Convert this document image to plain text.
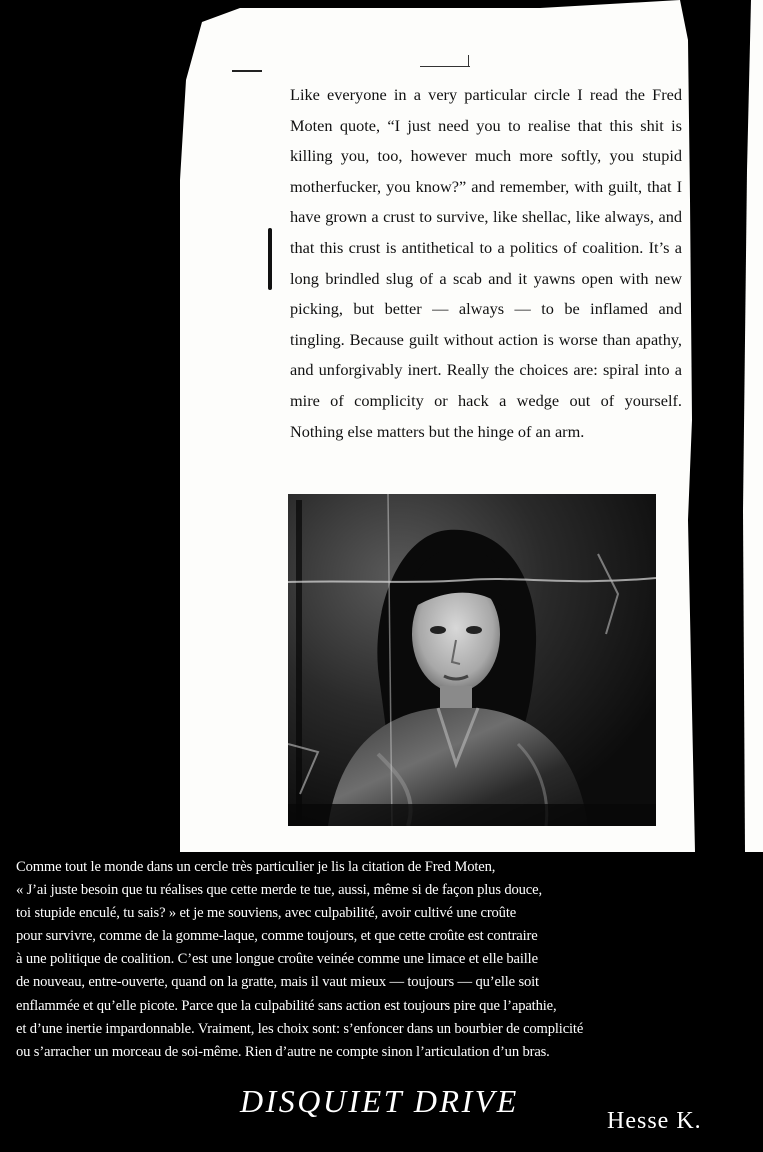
Like everyone in a very particular circle I read the Fred Moten quote, “I just need you to realise that this shit is killing you, too, however much more softly, you stupid motherfucker, you know?” and remember, with guilt, that I have grown a crust to survive, like shellac, like always, and that this crust is antithetical to a politics of coalition. It’s a long brindled slug of a scab and it yawns open with new picking, but better — always — to be inflamed and tingling. Because guilt without action is worse than apathy, and unforgivably inert. Really the choices are: spiral into a mire of complicity or hack a wedge out of yourself. Nothing else matters but the hinge of an arm.

Comme tout le monde dans un cercle très particulier je lis la citation de Fred Moten,
« J’ai juste besoin que tu réalises que cette merde te tue, aussi, même si de façon plus douce,
toi stupide enculé, tu sais? » et je me souviens, avec culpabilité, avoir cultivé une croûte
pour survivre, comme de la gomme-laque, comme toujours, et que cette croûte est contraire
à une politique de coalition. C’est une longue croûte veinée comme une limace et elle baille
de nouveau, entre-ouverte, quand on la gratte, mais il vaut mieux — toujours — qu’elle soit
enflammée et qu’elle picote. Parce que la culpabilité sans action est toujours pire que l’apathie,
et d’une inertie impardonnable. Vraiment, les choix sont: s’enfoncer dans un bourbier de complicité
ou s’arracher un morceau de soi-même. Rien d’autre ne compte sinon l’articulation d’un bras.

DISQUIET DRIVE

Hesse K.
